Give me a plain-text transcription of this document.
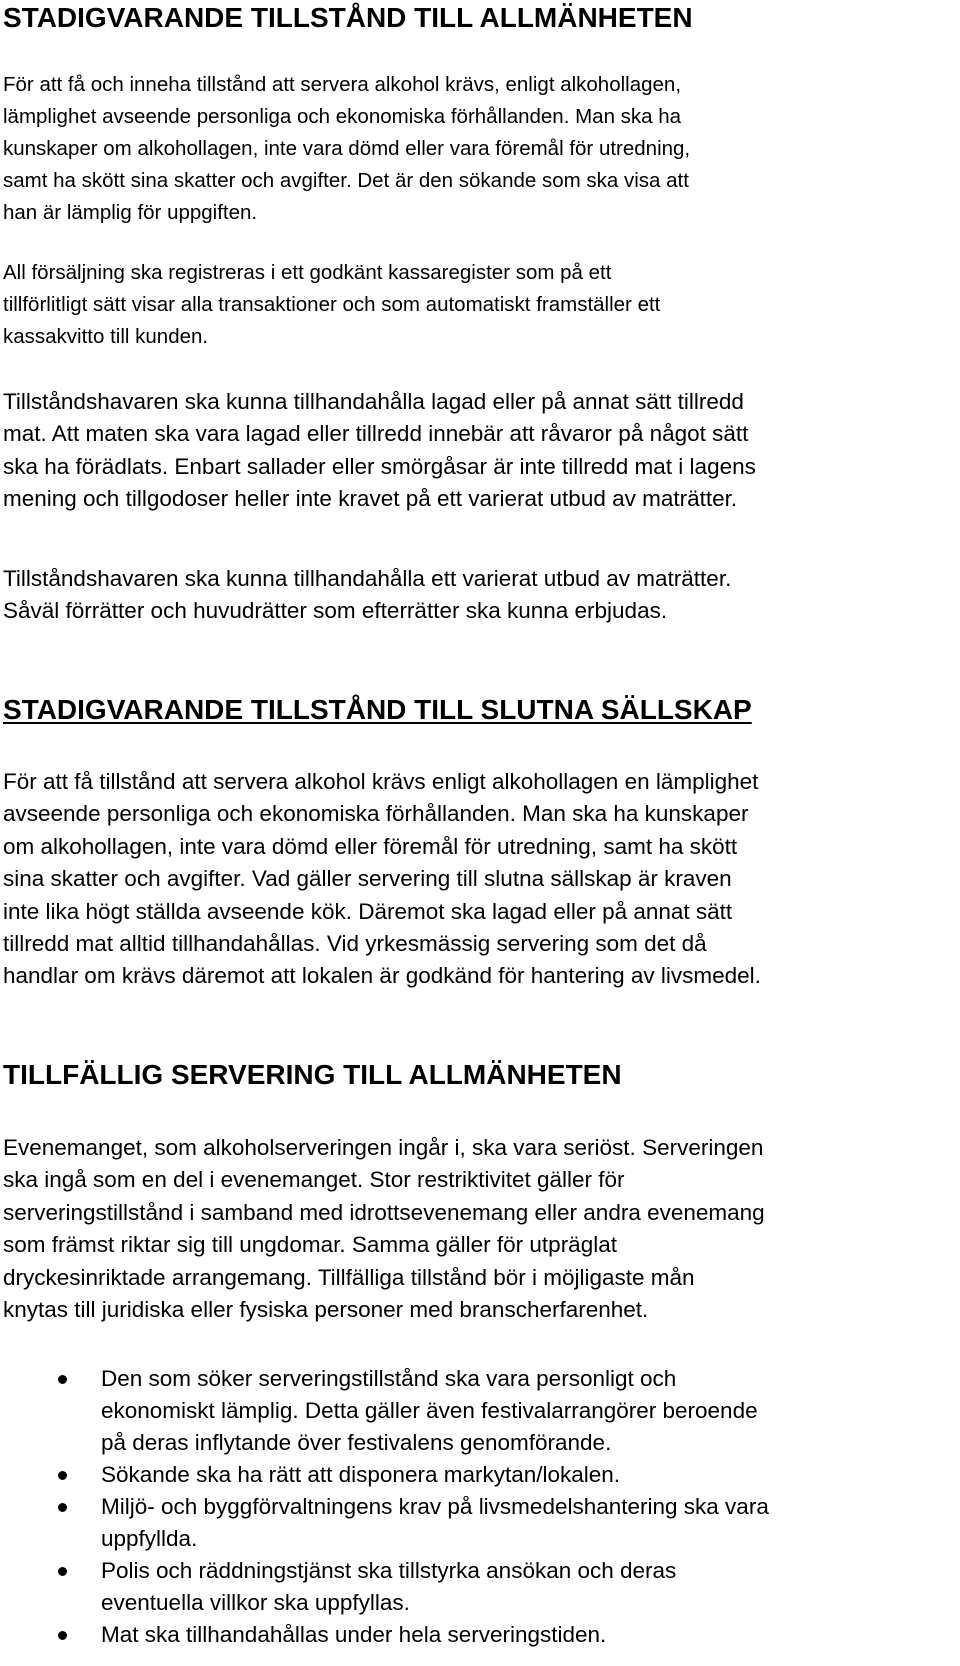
STADIGVARANDE TILLSTÅND TILL ALLMÄNHETEN

För att få och inneha tillstånd att servera alkohol krävs, enligt alkohollagen,
lämplighet avseende personliga och ekonomiska förhållanden. Man ska ha
kunskaper om alkohollagen, inte vara dömd eller vara föremål för utredning,
samt ha skött sina skatter och avgifter. Det är den sökande som ska visa att
han är lämplig för uppgiften.

All försäljning ska registreras i ett godkänt kassaregister som på ett
tillförlitligt sätt visar alla transaktioner och som automatiskt framställer ett
kassakvitto till kunden.

Tillståndshavaren ska kunna tillhandahålla lagad eller på annat sätt tillredd
mat. Att maten ska vara lagad eller tillredd innebär att råvaror på något sätt
ska ha förädlats. Enbart sallader eller smörgåsar är inte tillredd mat i lagens
mening och tillgodoser heller inte kravet på ett varierat utbud av maträtter.

Tillståndshavaren ska kunna tillhandahålla ett varierat utbud av maträtter.
Såväl förrätter och huvudrätter som efterrätter ska kunna erbjudas.

STADIGVARANDE TILLSTÅND TILL SLUTNA SÄLLSKAP

För att få tillstånd att servera alkohol krävs enligt alkohollagen en lämplighet
avseende personliga och ekonomiska förhållanden. Man ska ha kunskaper
om alkohollagen, inte vara dömd eller föremål för utredning, samt ha skött
sina skatter och avgifter. Vad gäller servering till slutna sällskap är kraven
inte lika högt ställda avseende kök. Däremot ska lagad eller på annat sätt
tillredd mat alltid tillhandahållas. Vid yrkesmässig servering som det då
handlar om krävs däremot att lokalen är godkänd för hantering av livsmedel.

TILLFÄLLIG SERVERING TILL ALLMÄNHETEN

Evenemanget, som alkoholserveringen ingår i, ska vara seriöst. Serveringen
ska ingå som en del i evenemanget. Stor restriktivitet gäller för
serveringstillstånd i samband med idrottsevenemang eller andra evenemang
som främst riktar sig till ungdomar. Samma gäller för utpräglat
dryckesinriktade arrangemang. Tillfälliga tillstånd bör i möjligaste mån
knytas till juridiska eller fysiska personer med branscherfarenhet.

Den som söker serveringstillstånd ska vara personligt och
ekonomiskt lämplig. Detta gäller även festivalarrangörer beroende
på deras inflytande över festivalens genomförande.
Sökande ska ha rätt att disponera markytan/lokalen.
Miljö- och byggförvaltningens krav på livsmedelshantering ska vara
uppfyllda.
Polis och räddningstjänst ska tillstyrka ansökan och deras
eventuella villkor ska uppfyllas.
Mat ska tillhandahållas under hela serveringstiden.
